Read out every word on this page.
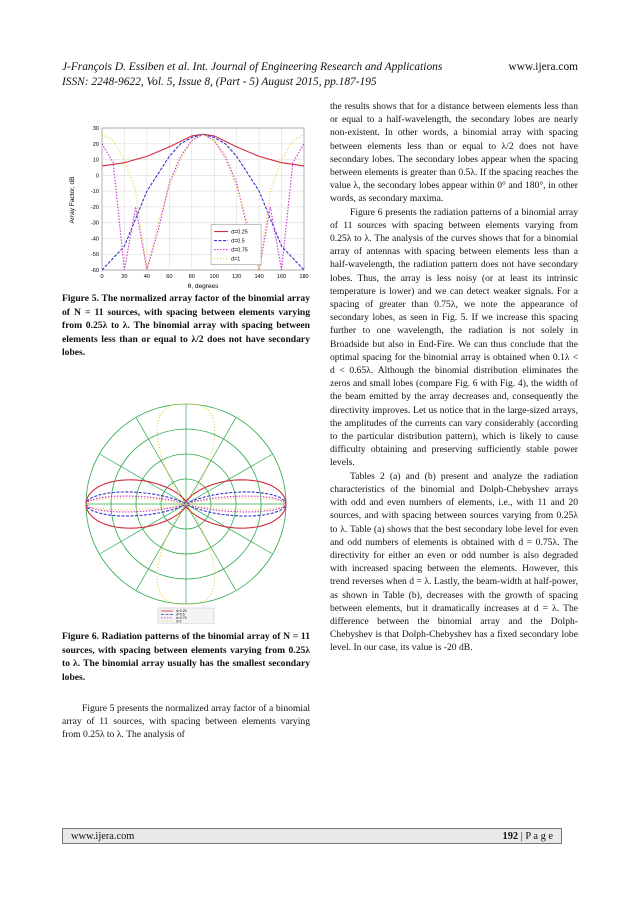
J-François D. Essiben et al. Int. Journal of Engineering Research and Applications	www.ijera.com
ISSN: 2248-9622, Vol. 5, Issue 8, (Part - 5) August 2015, pp.187-195
30
20
10
0
-10
-20
-30
-40
-50
-60
0	20	40	60	80	100 120 140 160 180
Array Factor, dB
θ, degrees
d=0.25
d=0.5
d=0.75
d=1

Figure 5. The normalized array factor of the binomial array of N = 11 sources, with spacing between elements varying from 0.25λ to λ. The binomial array with spacing between elements less than or equal to λ/2 does not have secondary lobes.

d=0.25
d=0.5
d=0.75
d=1

Figure 6. Radiation patterns of the binomial array of N = 11 sources, with spacing between elements varying from 0.25λ to λ. The binomial array usually has the smallest secondary lobes.

Figure 5 presents the normalized array factor of a binomial array of 11 sources, with spacing between elements varying from 0.25λ to λ. The analysis of

the results shows that for a distance between elements less than or equal to a half-wavelength, the secondary lobes are nearly non-existent. In other words, a binomial array with spacing between elements less than or equal to λ/2 does not have secondary lobes. The secondary lobes appear when the spacing between elements is greater than 0.5λ. If the spacing reaches the value λ, the secondary lobes appear within 0° and 180°, in other words, as secondary maxima.

Figure 6 presents the radiation patterns of a binomial array of 11 sources with spacing between elements varying from 0.25λ to λ. The analysis of the curves shows that for a binomial array of antennas with spacing between elements less than a half-wavelength, the radiation pattern does not have secondary lobes. Thus, the array is less noisy (or at least its intrinsic temperature is lower) and we can detect weaker signals. For a spacing of greater than 0.75λ, we note the appearance of secondary lobes, as seen in Fig. 5. If we increase this spacing further to one wavelength, the radiation is not solely in Broadside but also in End-Fire. We can thus conclude that the optimal spacing for the binomial array is obtained when 0.1λ < d < 0.65λ. Although the binomial distribution eliminates the zeros and small lobes (compare Fig. 6 with Fig. 4), the width of the beam emitted by the array decreases and, consequently the directivity improves. Let us notice that in the large-sized arrays, the amplitudes of the currents can vary considerably (according to the particular distribution pattern), which is likely to cause difficulty obtaining and preserving sufficiently stable power levels.

Tables 2 (a) and (b) present and analyze the radiation characteristics of the binomial and Dolph-Chebyshev arrays with odd and even numbers of elements, i.e., with 11 and 20 sources, and with spacing between sources varying from 0.25λ to λ. Table (a) shows that the best secondary lobe level for even and odd numbers of elements is obtained with d = 0.75λ. The directivity for either an even or odd number is also degraded with increased spacing between the elements. However, this trend reverses when d = λ. Lastly, the beam-width at half-power, as shown in Table (b), decreases with the growth of spacing between elements, but it dramatically increases at d = λ. The difference between the binomial array and the Dolph-Chebyshev is that Dolph-Chebyshev has a fixed secondary lobe level. In our case, its value is -20 dB.

www.ijera.com	192 | P a g e
